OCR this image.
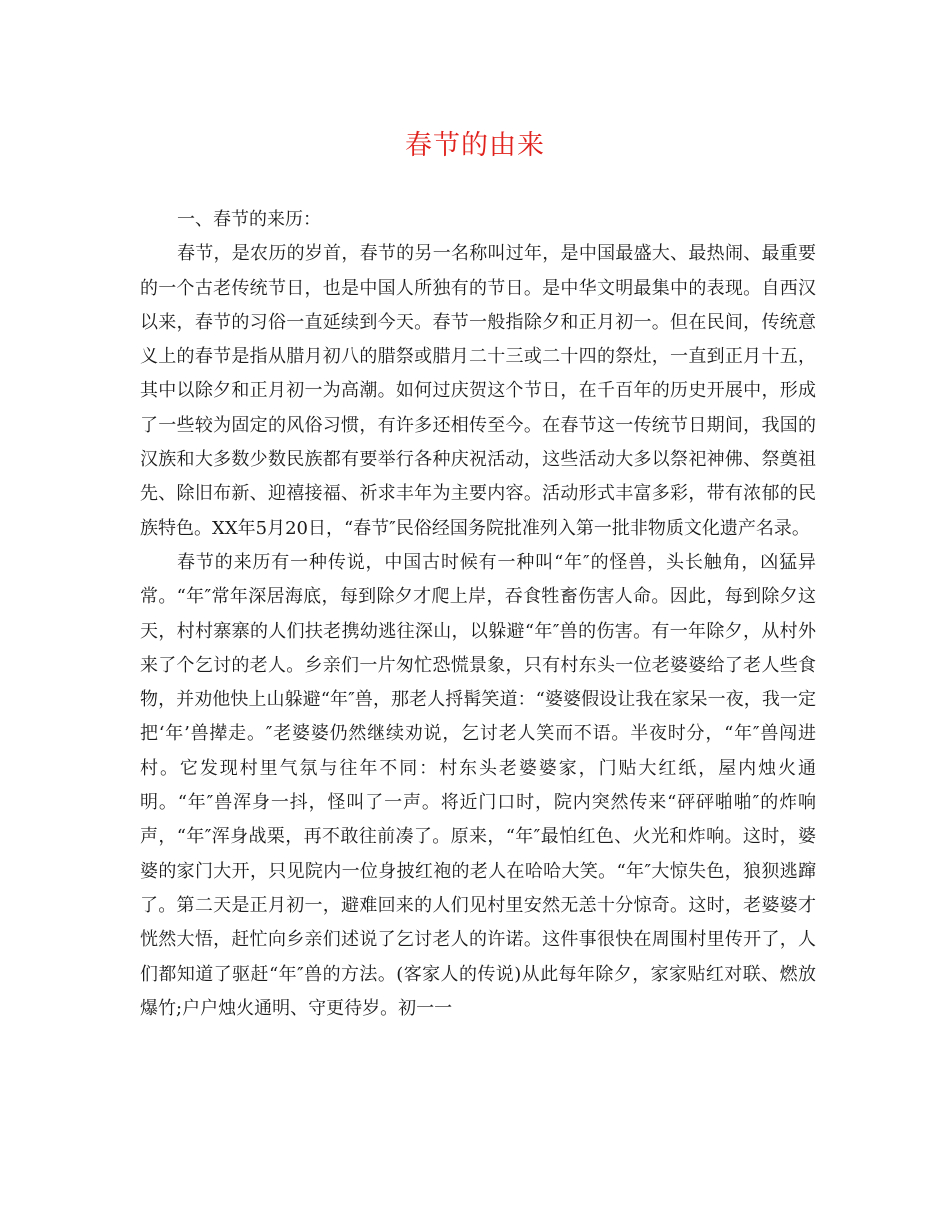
春节的由来

一、春节的来历：

春节，是农历的岁首，春节的另一名称叫过年，是中国最盛大、最热闹、最重要的一个古老传统节日，也是中国人所独有的节日。是中华文明最集中的表现。自西汉以来，春节的习俗一直延续到今天。春节一般指除夕和正月初一。但在民间，传统意义上的春节是指从腊月初八的腊祭或腊月二十三或二十四的祭灶，一直到正月十五，其中以除夕和正月初一为高潮。如何过庆贺这个节日，在千百年的历史开展中，形成了一些较为固定的风俗习惯，有许多还相传至今。在春节这一传统节日期间，我国的汉族和大多数少数民族都有要举行各种庆祝活动，这些活动大多以祭祀神佛、祭奠祖先、除旧布新、迎禧接福、祈求丰年为主要内容。活动形式丰富多彩，带有浓郁的民族特色。XX年5月20日，“春节″民俗经国务院批准列入第一批非物质文化遗产名录。

春节的来历有一种传说，中国古时候有一种叫“年″的怪兽，头长触角，凶猛异常。“年″常年深居海底，每到除夕才爬上岸，吞食牲畜伤害人命。因此，每到除夕这天，村村寨寨的人们扶老携幼逃往深山，以躲避“年″兽的伤害。有一年除夕，从村外来了个乞讨的老人。乡亲们一片匆忙恐慌景象，只有村东头一位老婆婆给了老人些食物，并劝他快上山躲避“年″兽，那老人捋髯笑道：“婆婆假设让我在家呆一夜，我一定把‘年’兽撵走。″老婆婆仍然继续劝说，乞讨老人笑而不语。半夜时分，“年″兽闯进村。它发现村里气氛与往年不同：村东头老婆婆家，门贴大红纸，屋内烛火通明。“年″兽浑身一抖，怪叫了一声。将近门口时，院内突然传来“砰砰啪啪″的炸响声，“年″浑身战栗，再不敢往前凑了。原来，“年″最怕红色、火光和炸响。这时，婆婆的家门大开，只见院内一位身披红袍的老人在哈哈大笑。“年″大惊失色，狼狈逃蹿了。第二天是正月初一，避难回来的人们见村里安然无恙十分惊奇。这时，老婆婆才恍然大悟，赶忙向乡亲们述说了乞讨老人的许诺。这件事很快在周围村里传开了，人们都知道了驱赶“年″兽的方法。(客家人的传说)从此每年除夕，家家贴红对联、燃放爆竹;户户烛火通明、守更待岁。初一一
